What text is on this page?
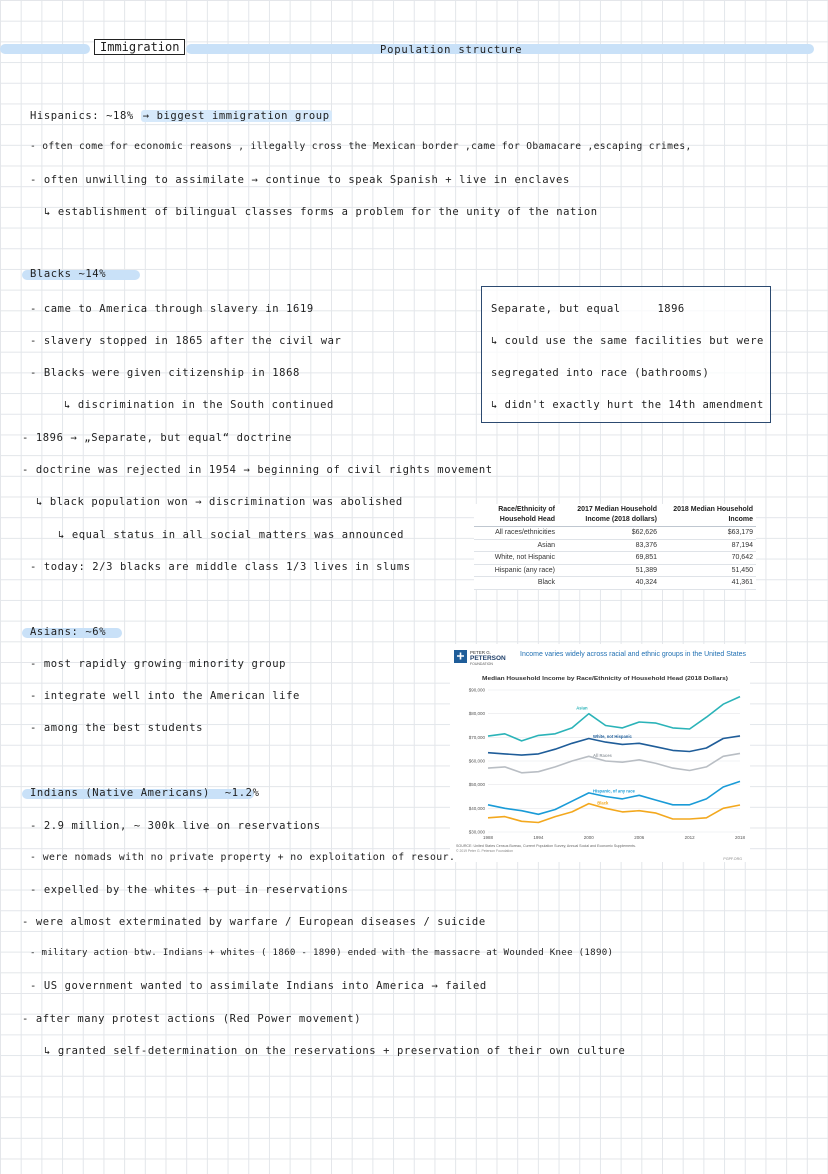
Immigration	Population structure
Hispanics: ~18% → biggest immigration group
- often come for economic reasons , illegally cross the Mexican border ,came for Obamacare ,escaping crimes,
- often unwilling to assimilate → continue to speak Spanish + live in enclaves
↳ establishment of bilingual classes forms a problem for the unity of the nation
Blacks ~14%
- came to America through slavery in 1619
- slavery stopped in 1865 after the civil war
- Blacks were given citizenship in 1868
↳ discrimination in the South continued
- 1896 → „Separate, but equal“ doctrine
- doctrine was rejected in 1954 → beginning of civil rights movement
↳ black population won → discrimination was abolished
↳ equal status in all social matters was announced
- today: 2/3 blacks are middle class 1/3 lives in slums
Separate, but equal	1896
↳ could use the same facilities but were
segregated into race (bathrooms)
↳ didn't exactly hurt the 14th amendment
Race/Ethnicity of Household Head	2017 Median Household Income (2018 dollars)	2018 Median Household Income
All races/ethnicities	$62,626	$63,179
Asian	83,376	87,194
White, not Hispanic	69,851	70,642
Hispanic (any race)	51,389	51,450
Black	40,324	41,361
Asians: ~6%
- most rapidly growing minority group
- integrate well into the American life
- among the best students
PETER G.
PETERSON
FOUNDATION
Income varies widely across racial and ethnic groups in the United States
Median Household Income by Race/Ethnicity of Household Head (2018 Dollars)
$30,000
$40,000
$50,000
$60,000
$70,000
$80,000
$90,000
1988	1994	2000	2006	2012	2018
Asian
White, not Hispanic
All Races
Hispanic, of any race
Black
SOURCE: United States Census Bureau, Current Population Survey, Annual Social and Economic Supplements.
© 2019 Peter G. Peterson Foundation
PGPF.ORG
Indians (Native Americans) ~1.2%
- 2.9 million, ~ 300k live on reservations
- were nomads with no private property + no exploitation of resour.
- expelled by the whites + put in reservations
- were almost exterminated by warfare / European diseases / suicide
- military action btw. Indians + whites ( 1860 - 1890) ended with the massacre at Wounded Knee (1890)
- US government wanted to assimilate Indians into America → failed
- after many protest actions (Red Power movement)
↳ granted self-determination on the reservations + preservation of their own culture
